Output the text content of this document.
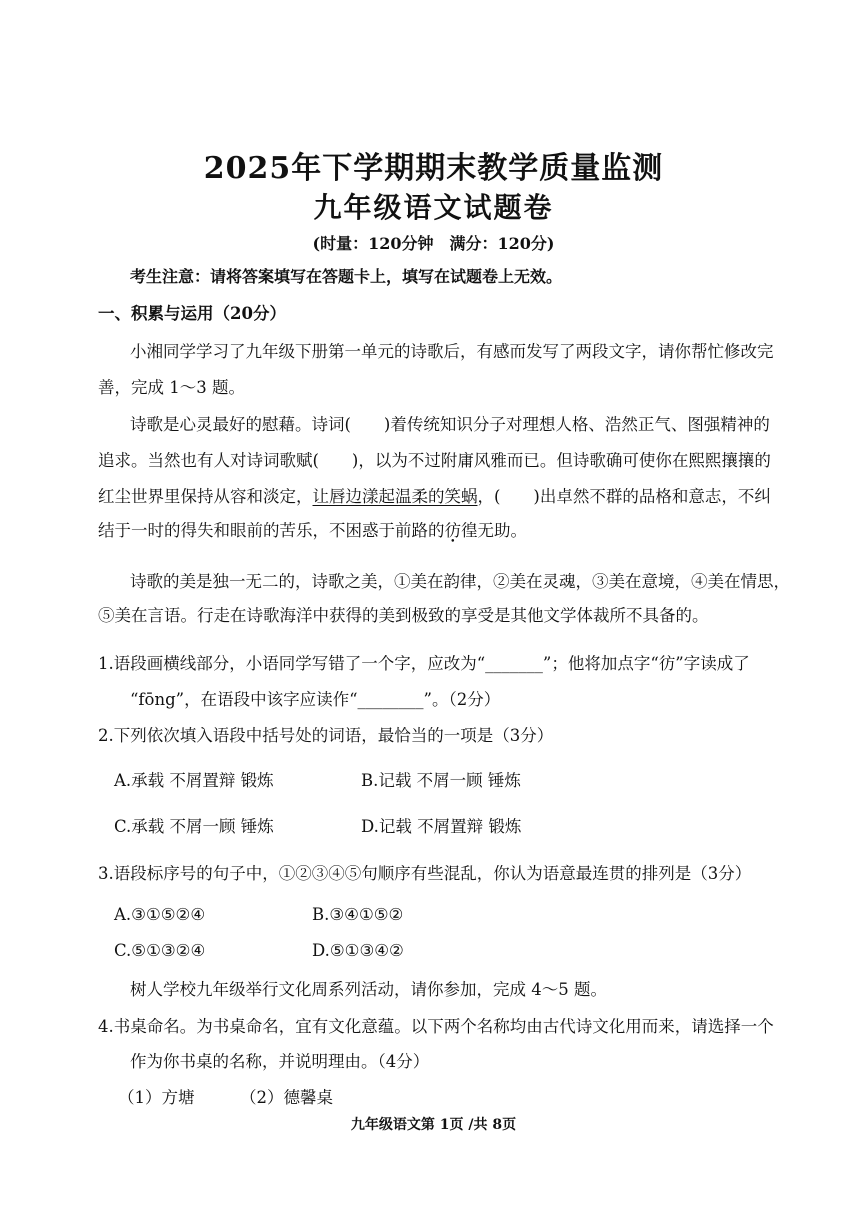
2025年下学期期末教学质量监测
九年级语文试题卷
(时量：120分钟　满分：120分)
考生注意：请将答案填写在答题卡上，填写在试题卷上无效。
一、积累与运用（20分）
小湘同学学习了九年级下册第一单元的诗歌后，有感而发写了两段文字，请你帮忙修改完
善，完成 1～3 题。
诗歌是心灵最好的慰藉。诗词(　　)着传统知识分子对理想人格、浩然正气、图强精神的
追求。当然也有人对诗词歌赋(　　)，以为不过附庸风雅而已。但诗歌确可使你在熙熙攘攘的
红尘世界里保持从容和淡定，让唇边漾起温柔的笑蜗，(　　)出卓然不群的品格和意志，不纠
结于一时的得失和眼前的苦乐，不困惑于前路的彷徨无助。
诗歌的美是独一无二的，诗歌之美，①美在韵律，②美在灵魂，③美在意境，④美在情思，
⑤美在言语。行走在诗歌海洋中获得的美到极致的享受是其他文学体裁所不具备的。
1.语段画横线部分，小语同学写错了一个字，应改为“_______”；他将加点字“彷”字读成了
“fōng”，在语段中该字应读作“________”。（2分）
2.下列依次填入语段中括号处的词语，最恰当的一项是（3分）
A.承载 不屑置辩 锻炼	B.记载 不屑一顾 锤炼
C.承载 不屑一顾 锤炼	D.记载 不屑置辩 锻炼
3.语段标序号的句子中，①②③④⑤句顺序有些混乱，你认为语意最连贯的排列是（3分）
A.③①⑤②④	B.③④①⑤②
C.⑤①③②④	D.⑤①③④②
树人学校九年级举行文化周系列活动，请你参加，完成 4～5 题。
4.书桌命名。为书桌命名，宜有文化意蕴。以下两个名称均由古代诗文化用而来，请选择一个
作为你书桌的名称，并说明理由。（4分）
（1）方塘	（2）德馨桌
九年级语文第 1页 /共 8页
